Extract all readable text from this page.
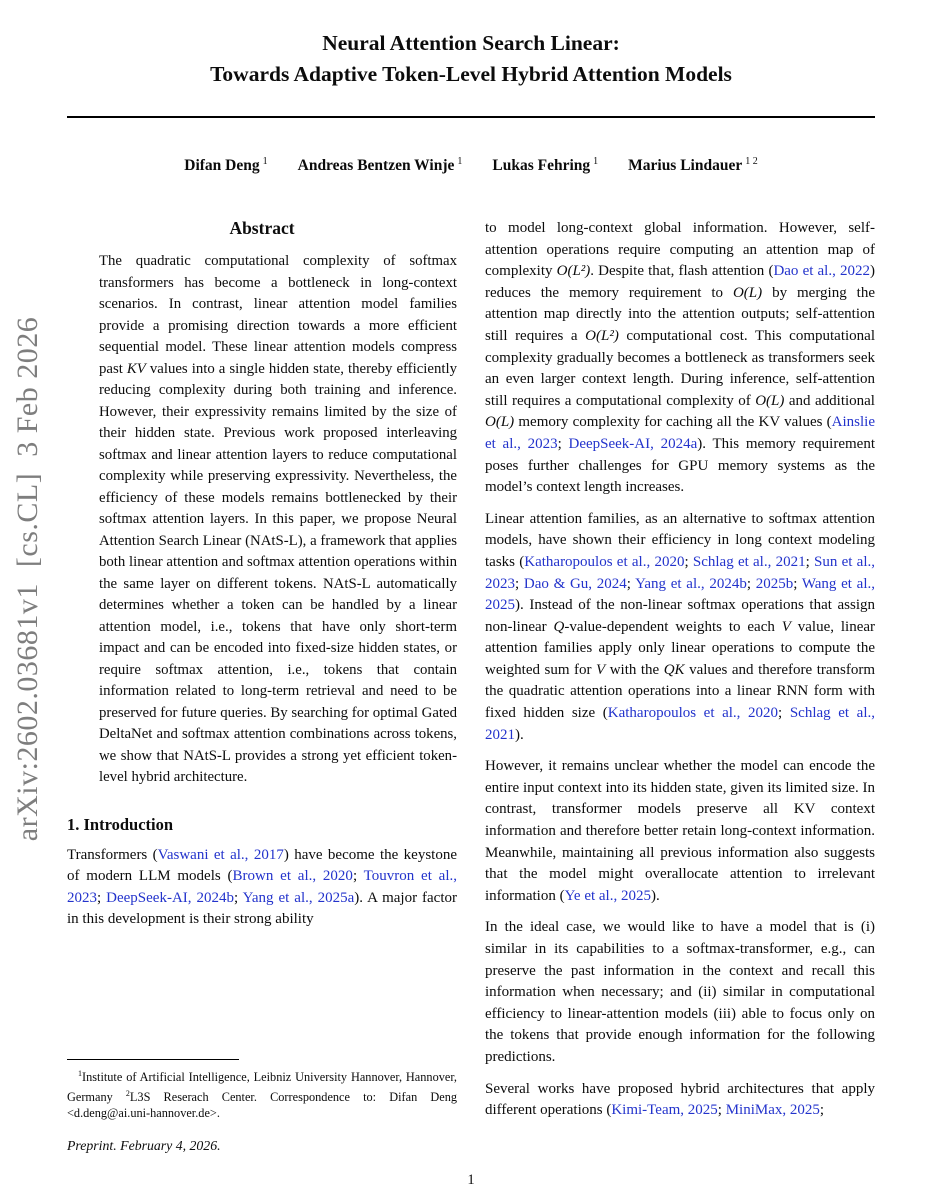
arXiv:2602.03681v1  [cs.CL]  3 Feb 2026
Neural Attention Search Linear:
Towards Adaptive Token-Level Hybrid Attention Models
Difan Deng $^1$ Andreas Bentzen Winje $^1$ Lukas Fehring $^1$ Marius Lindauer $^{1 2}$
Abstract
The quadratic computational complexity of softmax transformers has become a bottleneck in long-context scenarios. In contrast, linear attention model families provide a promising direction towards a more efficient sequential model. These linear attention models compress past KV values into a single hidden state, thereby efficiently reducing complexity during both training and inference. However, their expressivity remains limited by the size of their hidden state. Previous work proposed interleaving softmax and linear attention layers to reduce computational complexity while preserving expressivity. Nevertheless, the efficiency of these models remains bottlenecked by their softmax attention layers. In this paper, we propose Neural Attention Search Linear (NAtS-L), a framework that applies both linear attention and softmax attention operations within the same layer on different tokens. NAtS-L automatically determines whether a token can be handled by a linear attention model, i.e., tokens that have only short-term impact and can be encoded into fixed-size hidden states, or require softmax attention, i.e., tokens that contain information related to long-term retrieval and need to be preserved for future queries. By searching for optimal Gated DeltaNet and softmax attention combinations across tokens, we show that NAtS-L provides a strong yet efficient token-level hybrid architecture.
1. Introduction

Transformers (Vaswani et al., 2017) have become the keystone of modern LLM models (Brown et al., 2020; Touvron et al., 2023; DeepSeek-AI, 2024b; Yang et al., 2025a). A major factor in this development is their strong ability

$^1$Institute of Artificial Intelligence, Leibniz University Hannover, Hannover, Germany $^2$L3S Reserach Center. Correspondence to: Difan Deng <d.deng@ai.uni-hannover.de>.

Preprint. February 4, 2026.

to model long-context global information. However, self-attention operations require computing an attention map of complexity O(L²). Despite that, flash attention (Dao et al., 2022) reduces the memory requirement to O(L) by merging the attention map directly into the attention outputs; self-attention still requires a O(L²) computational cost. This computational complexity gradually becomes a bottleneck as transformers seek an even larger context length. During inference, self-attention still requires a computational complexity of O(L) and additional O(L) memory complexity for caching all the KV values (Ainslie et al., 2023; DeepSeek-AI, 2024a). This memory requirement poses further challenges for GPU memory systems as the model’s context length increases.

Linear attention families, as an alternative to softmax attention models, have shown their efficiency in long context modeling tasks (Katharopoulos et al., 2020; Schlag et al., 2021; Sun et al., 2023; Dao & Gu, 2024; Yang et al., 2024b; 2025b; Wang et al., 2025). Instead of the non-linear softmax operations that assign non-linear Q-value-dependent weights to each V value, linear attention families apply only linear operations to compute the weighted sum for V with the QK values and therefore transform the quadratic attention operations into a linear RNN form with fixed hidden size (Katharopoulos et al., 2020; Schlag et al., 2021).

However, it remains unclear whether the model can encode the entire input context into its hidden state, given its limited size. In contrast, transformer models preserve all KV context information and therefore better retain long-context information. Meanwhile, maintaining all previous information also suggests that the model might overallocate attention to irrelevant information (Ye et al., 2025).

In the ideal case, we would like to have a model that is (i) similar in its capabilities to a softmax-transformer, e.g., can preserve the past information in the context and recall this information when necessary; and (ii) similar in computational efficiency to linear-attention models (iii) able to focus only on the tokens that provide enough information for the following predictions.

Several works have proposed hybrid architectures that apply different operations (Kimi-Team, 2025; MiniMax, 2025;

1
